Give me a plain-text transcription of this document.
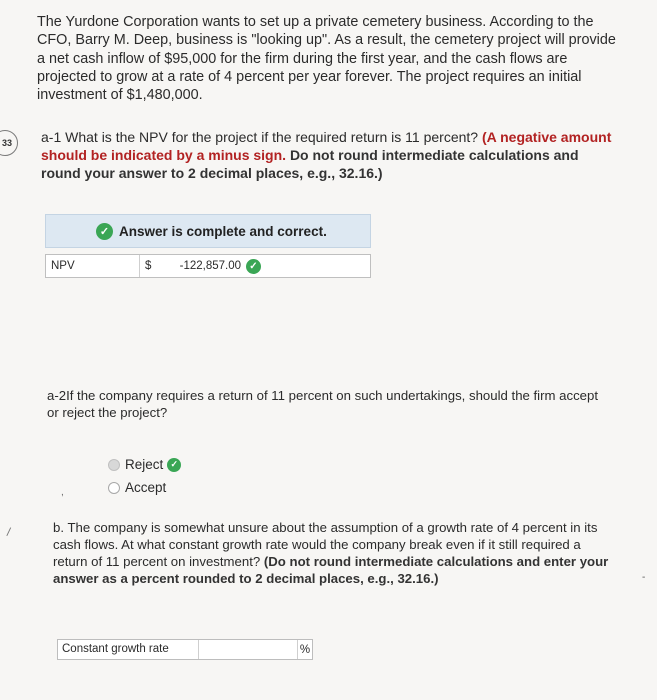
33
The Yurdone Corporation wants to set up a private cemetery business. According to the CFO, Barry M. Deep, business is "looking up". As a result, the cemetery project will provide a net cash inflow of $95,000 for the firm during the first year, and the cash flows are projected to grow at a rate of 4 percent per year forever. The project requires an initial investment of $1,480,000.
a-1 What is the NPV for the project if the required return is 11 percent? (A negative amount should be indicated by a minus sign. Do not round intermediate calculations and round your answer to 2 decimal places, e.g., 32.16.)
✓ Answer is complete and correct.
NPV	$	-122,857.00 ✓
a-2If the company requires a return of 11 percent on such undertakings, should the firm accept or reject the project?
Reject ✓
Accept
,
/	b. The company is somewhat unsure about the assumption of a growth rate of 4 percent in its cash flows. At what constant growth rate would the company break even if it still required a return of 11 percent on investment? (Do not round intermediate calculations and enter your answer as a percent rounded to 2 decimal places, e.g., 32.16.)	-
Constant growth rate	%
